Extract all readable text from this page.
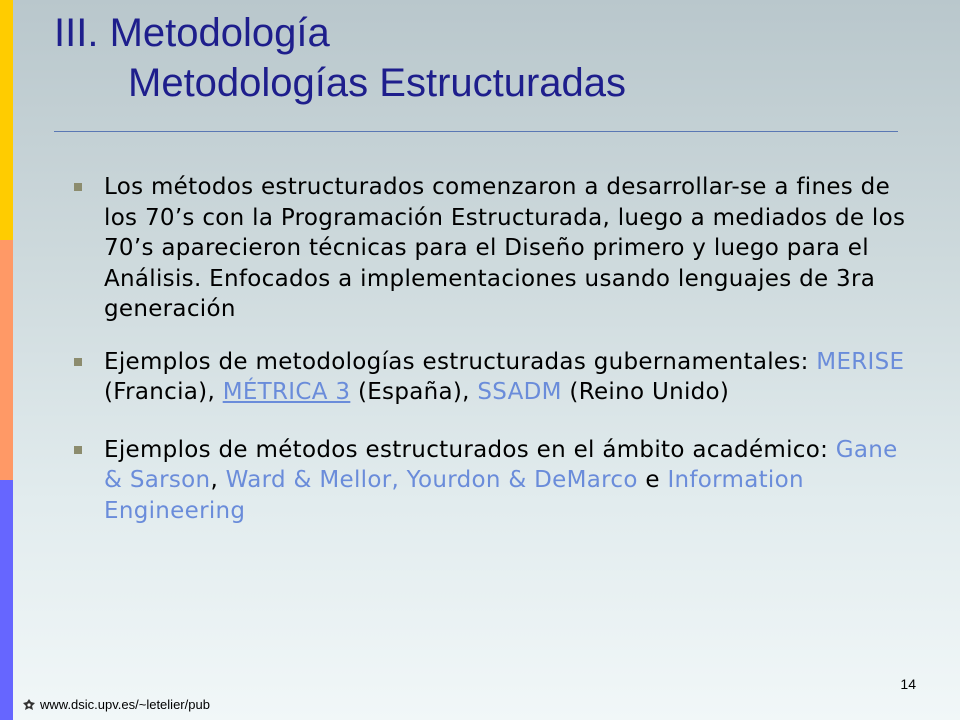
III. Metodología
Metodologías Estructuradas
Los métodos estructurados comenzaron a desarrollar-se a fines de los 70’s con la Programación Estructurada, luego a mediados de los 70’s aparecieron técnicas para el Diseño primero y luego para el Análisis. Enfocados a implementaciones usando lenguajes de 3ra generación
Ejemplos de metodologías estructuradas gubernamentales: MERISE (Francia), MÉTRICA 3 (España), SSADM (Reino Unido)
Ejemplos de métodos estructurados en el ámbito académico: Gane & Sarson, Ward & Mellor, Yourdon & DeMarco e Information Engineering
14
www.dsic.upv.es/~letelier/pub
